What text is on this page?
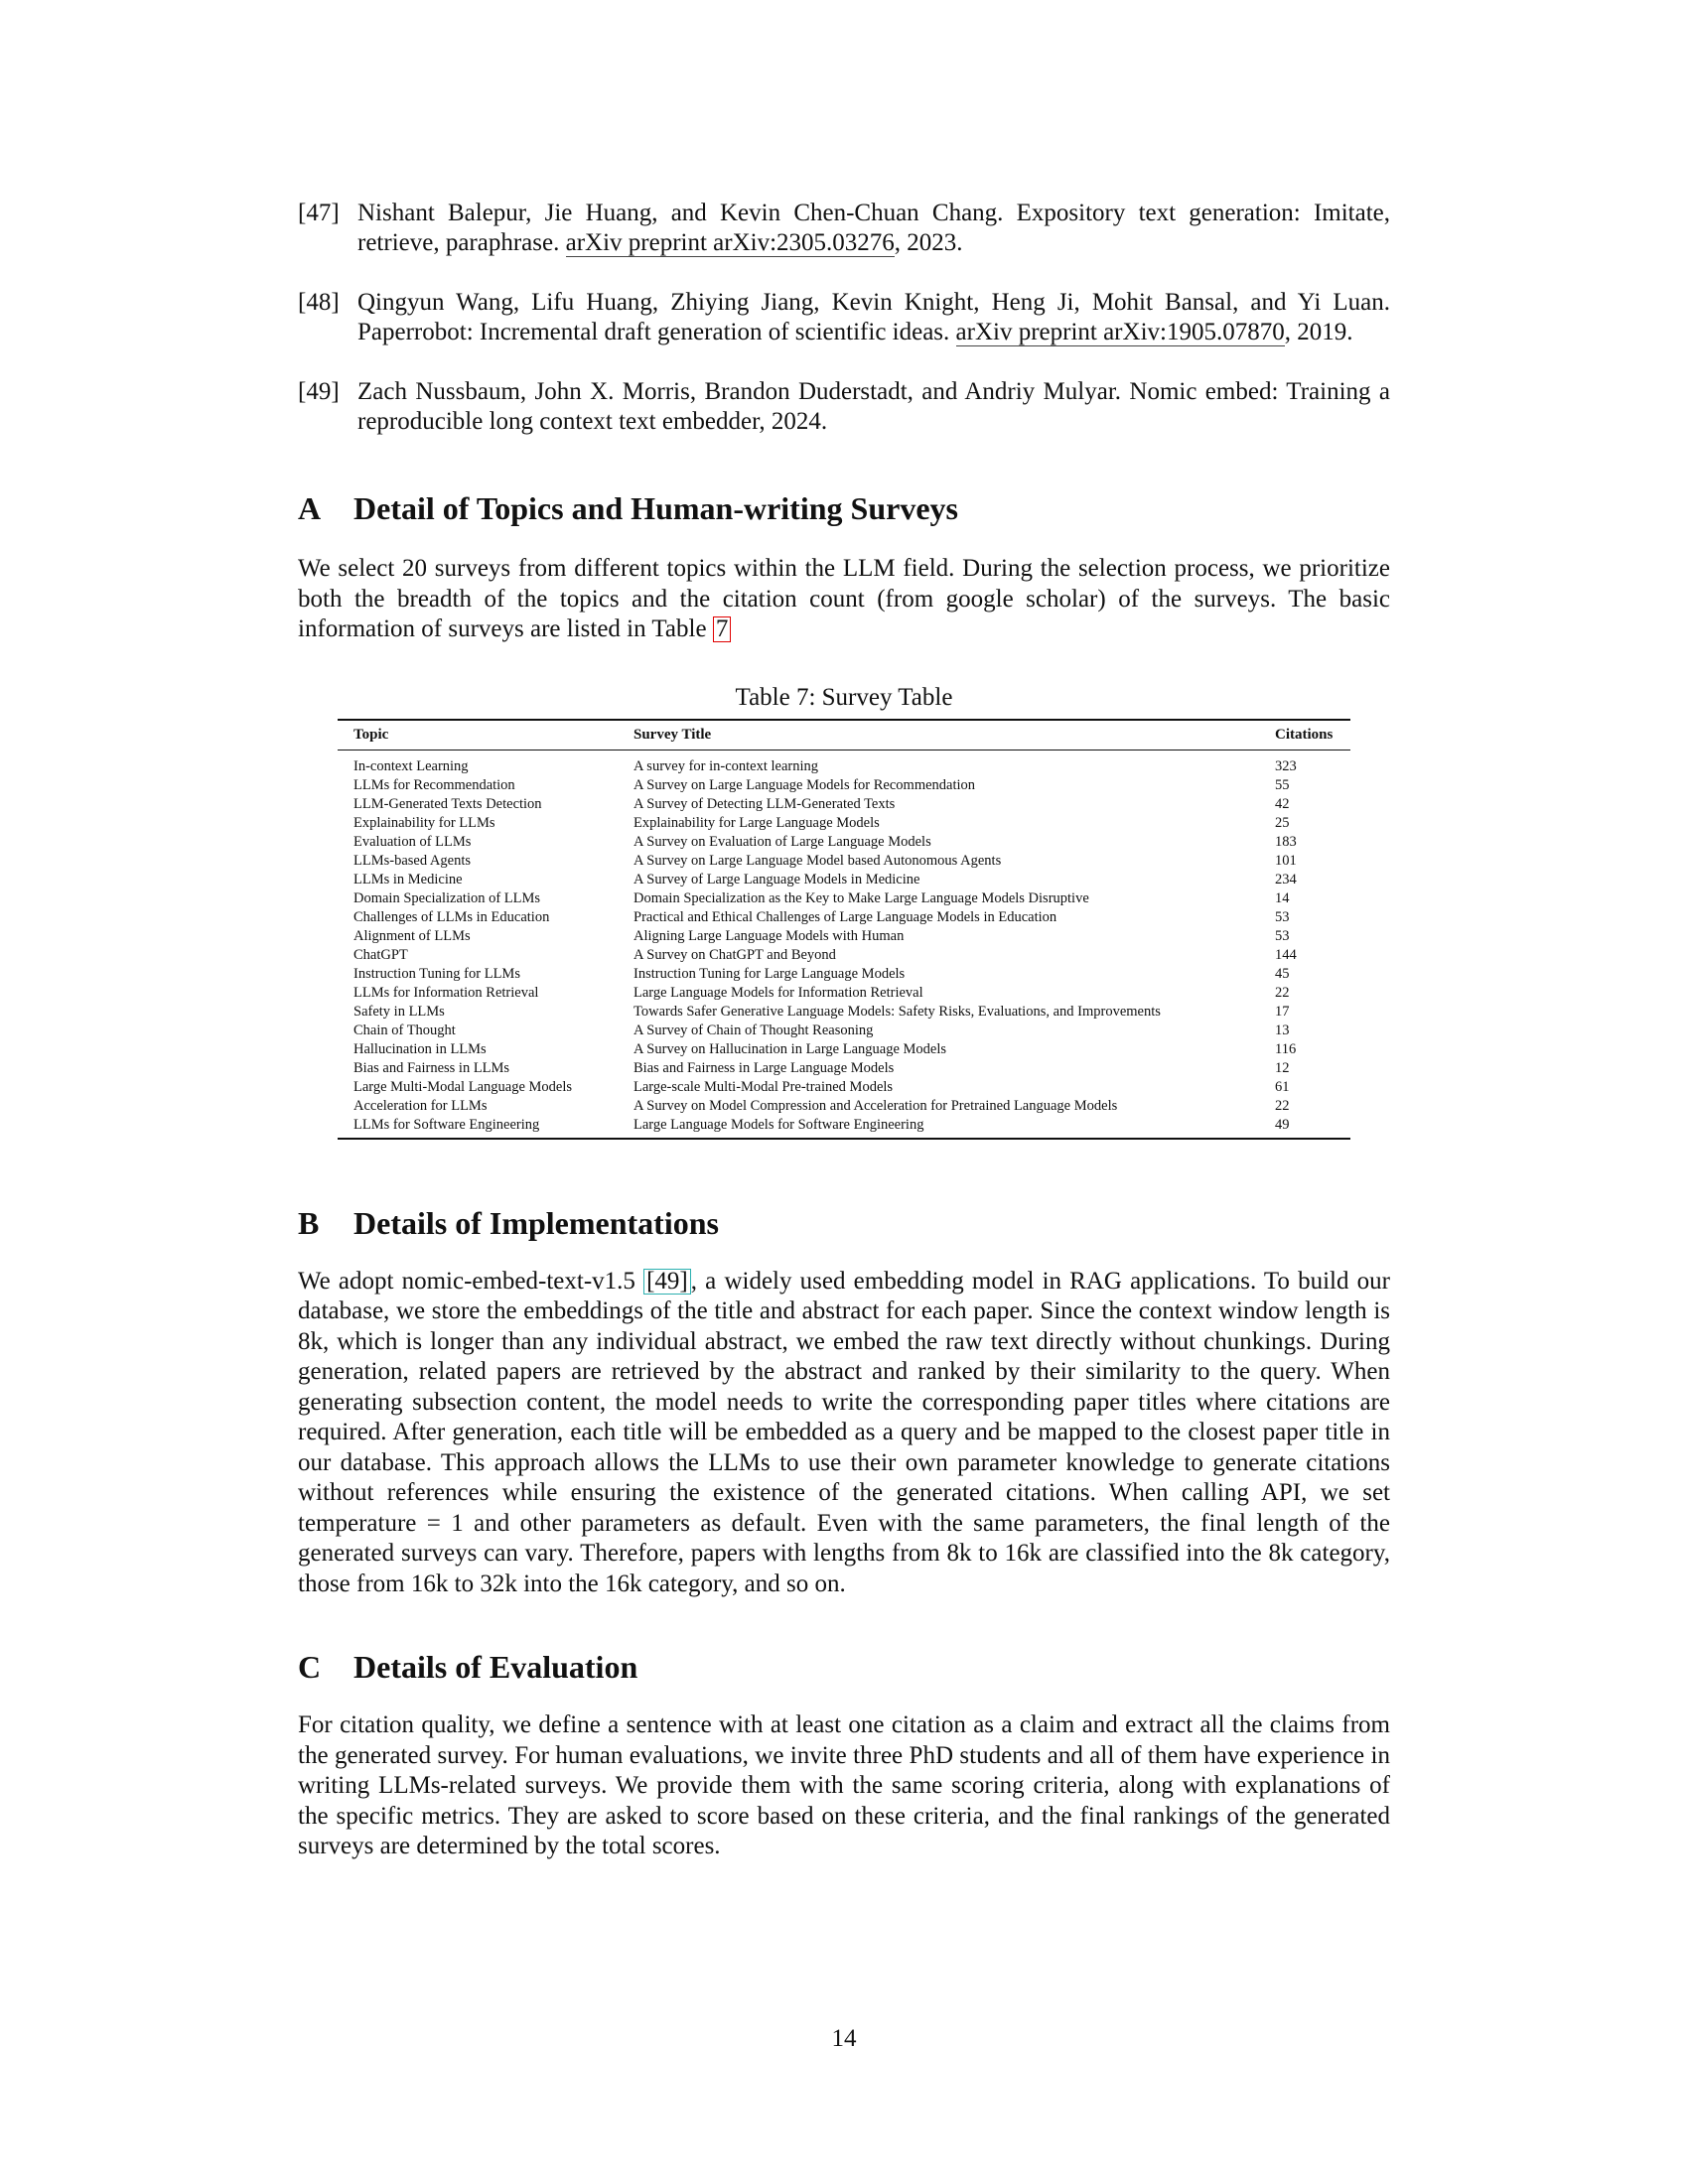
[47] Nishant Balepur, Jie Huang, and Kevin Chen-Chuan Chang. Expository text generation: Imitate, retrieve, paraphrase. arXiv preprint arXiv:2305.03276, 2023.
[48] Qingyun Wang, Lifu Huang, Zhiying Jiang, Kevin Knight, Heng Ji, Mohit Bansal, and Yi Luan. Paperrobot: Incremental draft generation of scientific ideas. arXiv preprint arXiv:1905.07870, 2019.
[49] Zach Nussbaum, John X. Morris, Brandon Duderstadt, and Andriy Mulyar. Nomic embed: Training a reproducible long context text embedder, 2024.
A Detail of Topics and Human-writing Surveys

We select 20 surveys from different topics within the LLM field. During the selection process, we prioritize both the breadth of the topics and the citation count (from google scholar) of the surveys. The basic information of surveys are listed in Table 7

Table 7: Survey Table

Topic	Survey Title	Citations
In-context Learning	A survey for in-context learning	323
LLMs for Recommendation	A Survey on Large Language Models for Recommendation	55
LLM-Generated Texts Detection	A Survey of Detecting LLM-Generated Texts	42
Explainability for LLMs	Explainability for Large Language Models	25
Evaluation of LLMs	A Survey on Evaluation of Large Language Models	183
LLMs-based Agents	A Survey on Large Language Model based Autonomous Agents	101
LLMs in Medicine	A Survey of Large Language Models in Medicine	234
Domain Specialization of LLMs	Domain Specialization as the Key to Make Large Language Models Disruptive	14
Challenges of LLMs in Education	Practical and Ethical Challenges of Large Language Models in Education	53
Alignment of LLMs	Aligning Large Language Models with Human	53
ChatGPT	A Survey on ChatGPT and Beyond	144
Instruction Tuning for LLMs	Instruction Tuning for Large Language Models	45
LLMs for Information Retrieval	Large Language Models for Information Retrieval	22
Safety in LLMs	Towards Safer Generative Language Models: Safety Risks, Evaluations, and Improvements	17
Chain of Thought	A Survey of Chain of Thought Reasoning	13
Hallucination in LLMs	A Survey on Hallucination in Large Language Models	116
Bias and Fairness in LLMs	Bias and Fairness in Large Language Models	12
Large Multi-Modal Language Models	Large-scale Multi-Modal Pre-trained Models	61
Acceleration for LLMs	A Survey on Model Compression and Acceleration for Pretrained Language Models	22
LLMs for Software Engineering	Large Language Models for Software Engineering	49
B Details of Implementations

We adopt nomic-embed-text-v1.5 [49] , a widely used embedding model in RAG applications. To build our database, we store the embeddings of the title and abstract for each paper. Since the context window length is 8k, which is longer than any individual abstract, we embed the raw text directly without chunkings. During generation, related papers are retrieved by the abstract and ranked by their similarity to the query. When generating subsection content, the model needs to write the corresponding paper titles where citations are required. After generation, each title will be embedded as a query and be mapped to the closest paper title in our database. This approach allows the LLMs to use their own parameter knowledge to generate citations without references while ensuring the existence of the generated citations. When calling API, we set temperature = 1 and other parameters as default. Even with the same parameters, the final length of the generated surveys can vary. Therefore, papers with lengths from 8k to 16k are classified into the 8k category, those from 16k to 32k into the 16k category, and so on.

C Details of Evaluation

For citation quality, we define a sentence with at least one citation as a claim and extract all the claims from the generated survey. For human evaluations, we invite three PhD students and all of them have experience in writing LLMs-related surveys. We provide them with the same scoring criteria, along with explanations of the specific metrics. They are asked to score based on these criteria, and the final rankings of the generated surveys are determined by the total scores.

14
